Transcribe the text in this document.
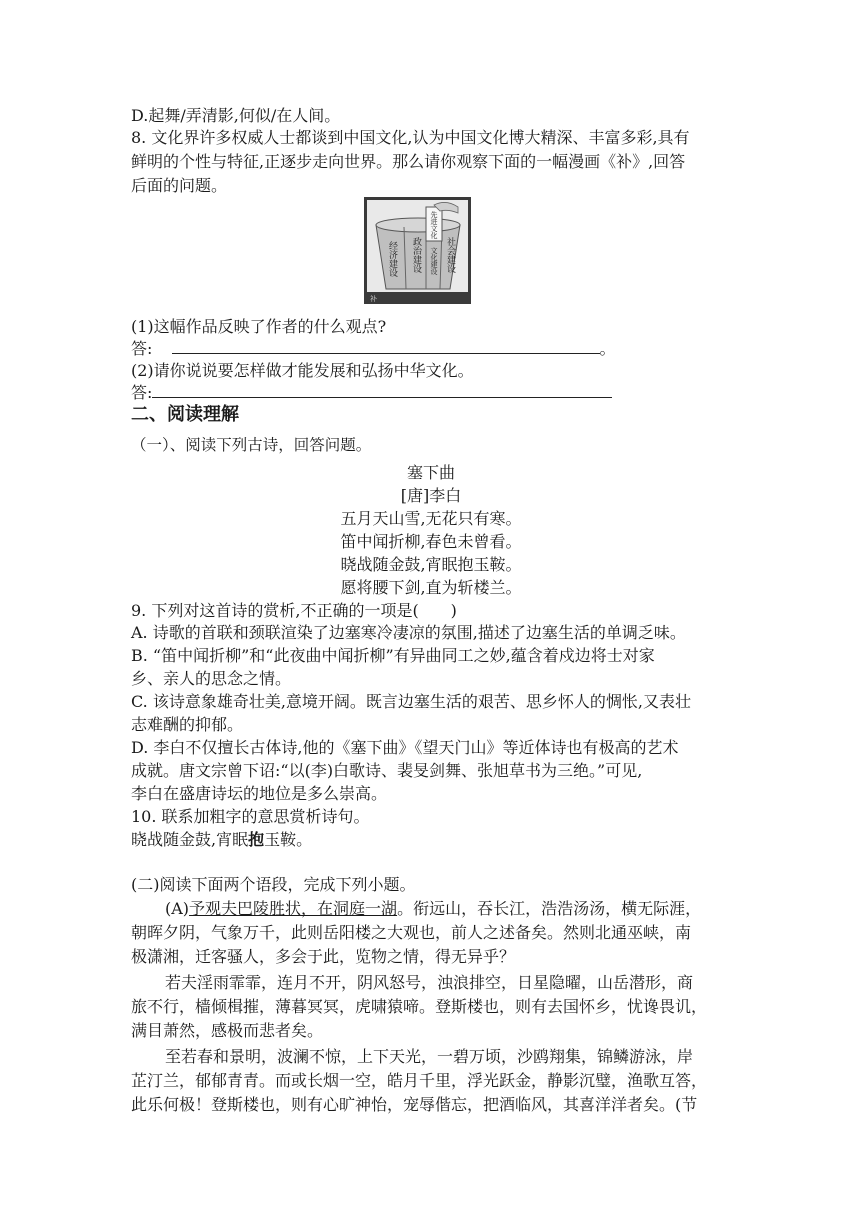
D.起舞/弄清影,何似/在人间。
8. 文化界许多权威人士都谈到中国文化,认为中国文化博大精深、丰富多彩,具有
鲜明的个性与特征,正逐步走向世界。那么请你观察下面的一幅漫画《补》,回答
后面的问题。
先进文化
经济建设 政治建设 文化建设 社会建设
补
(1)这幅作品反映了作者的什么观点?
答:	。
(2)请你说说要怎样做才能发展和弘扬中华文化。
答:
二、阅读理解
（一）、阅读下列古诗，回答问题。
塞下曲
[唐]李白
五月天山雪,无花只有寒。
笛中闻折柳,春色未曾看。
晓战随金鼓,宵眠抱玉鞍。
愿将腰下剑,直为斩楼兰。
9. 下列对这首诗的赏析,不正确的一项是(　　)
A. 诗歌的首联和颈联渲染了边塞寒冷凄凉的氛围,描述了边塞生活的单调乏味。
B. “笛中闻折柳”和“此夜曲中闻折柳”有异曲同工之妙,蕴含着戍边将士对家
乡、亲人的思念之情。
C. 该诗意象雄奇壮美,意境开阔。既言边塞生活的艰苦、思乡怀人的惆怅,又表壮
志难酬的抑郁。
D. 李白不仅擅长古体诗,他的《塞下曲》《望天门山》等近体诗也有极高的艺术
成就。唐文宗曾下诏:“以(李)白歌诗、裴旻剑舞、张旭草书为三绝。”可见,
李白在盛唐诗坛的地位是多么崇高。
10. 联系加粗字的意思赏析诗句。
晓战随金鼓,宵眠抱玉鞍。
(二)阅读下面两个语段，完成下列小题。
(A)予观夫巴陵胜状，在洞庭一湖。衔远山，吞长江，浩浩汤汤，横无际涯，
朝晖夕阴，气象万千，此则岳阳楼之大观也，前人之述备矣。然则北通巫峡，南
极潇湘，迁客骚人，多会于此，览物之情，得无异乎？
若夫淫雨霏霏，连月不开，阴风怒号，浊浪排空，日星隐曜，山岳潜形，商
旅不行，樯倾楫摧，薄暮冥冥，虎啸猿啼。登斯楼也，则有去国怀乡，忧谗畏讥，
满目萧然，感极而悲者矣。
至若春和景明，波澜不惊，上下天光，一碧万顷，沙鸥翔集，锦鳞游泳，岸
芷汀兰，郁郁青青。而或长烟一空，皓月千里，浮光跃金，静影沉璧，渔歌互答，
此乐何极！登斯楼也，则有心旷神怡，宠辱偕忘，把酒临风，其喜洋洋者矣。(节
